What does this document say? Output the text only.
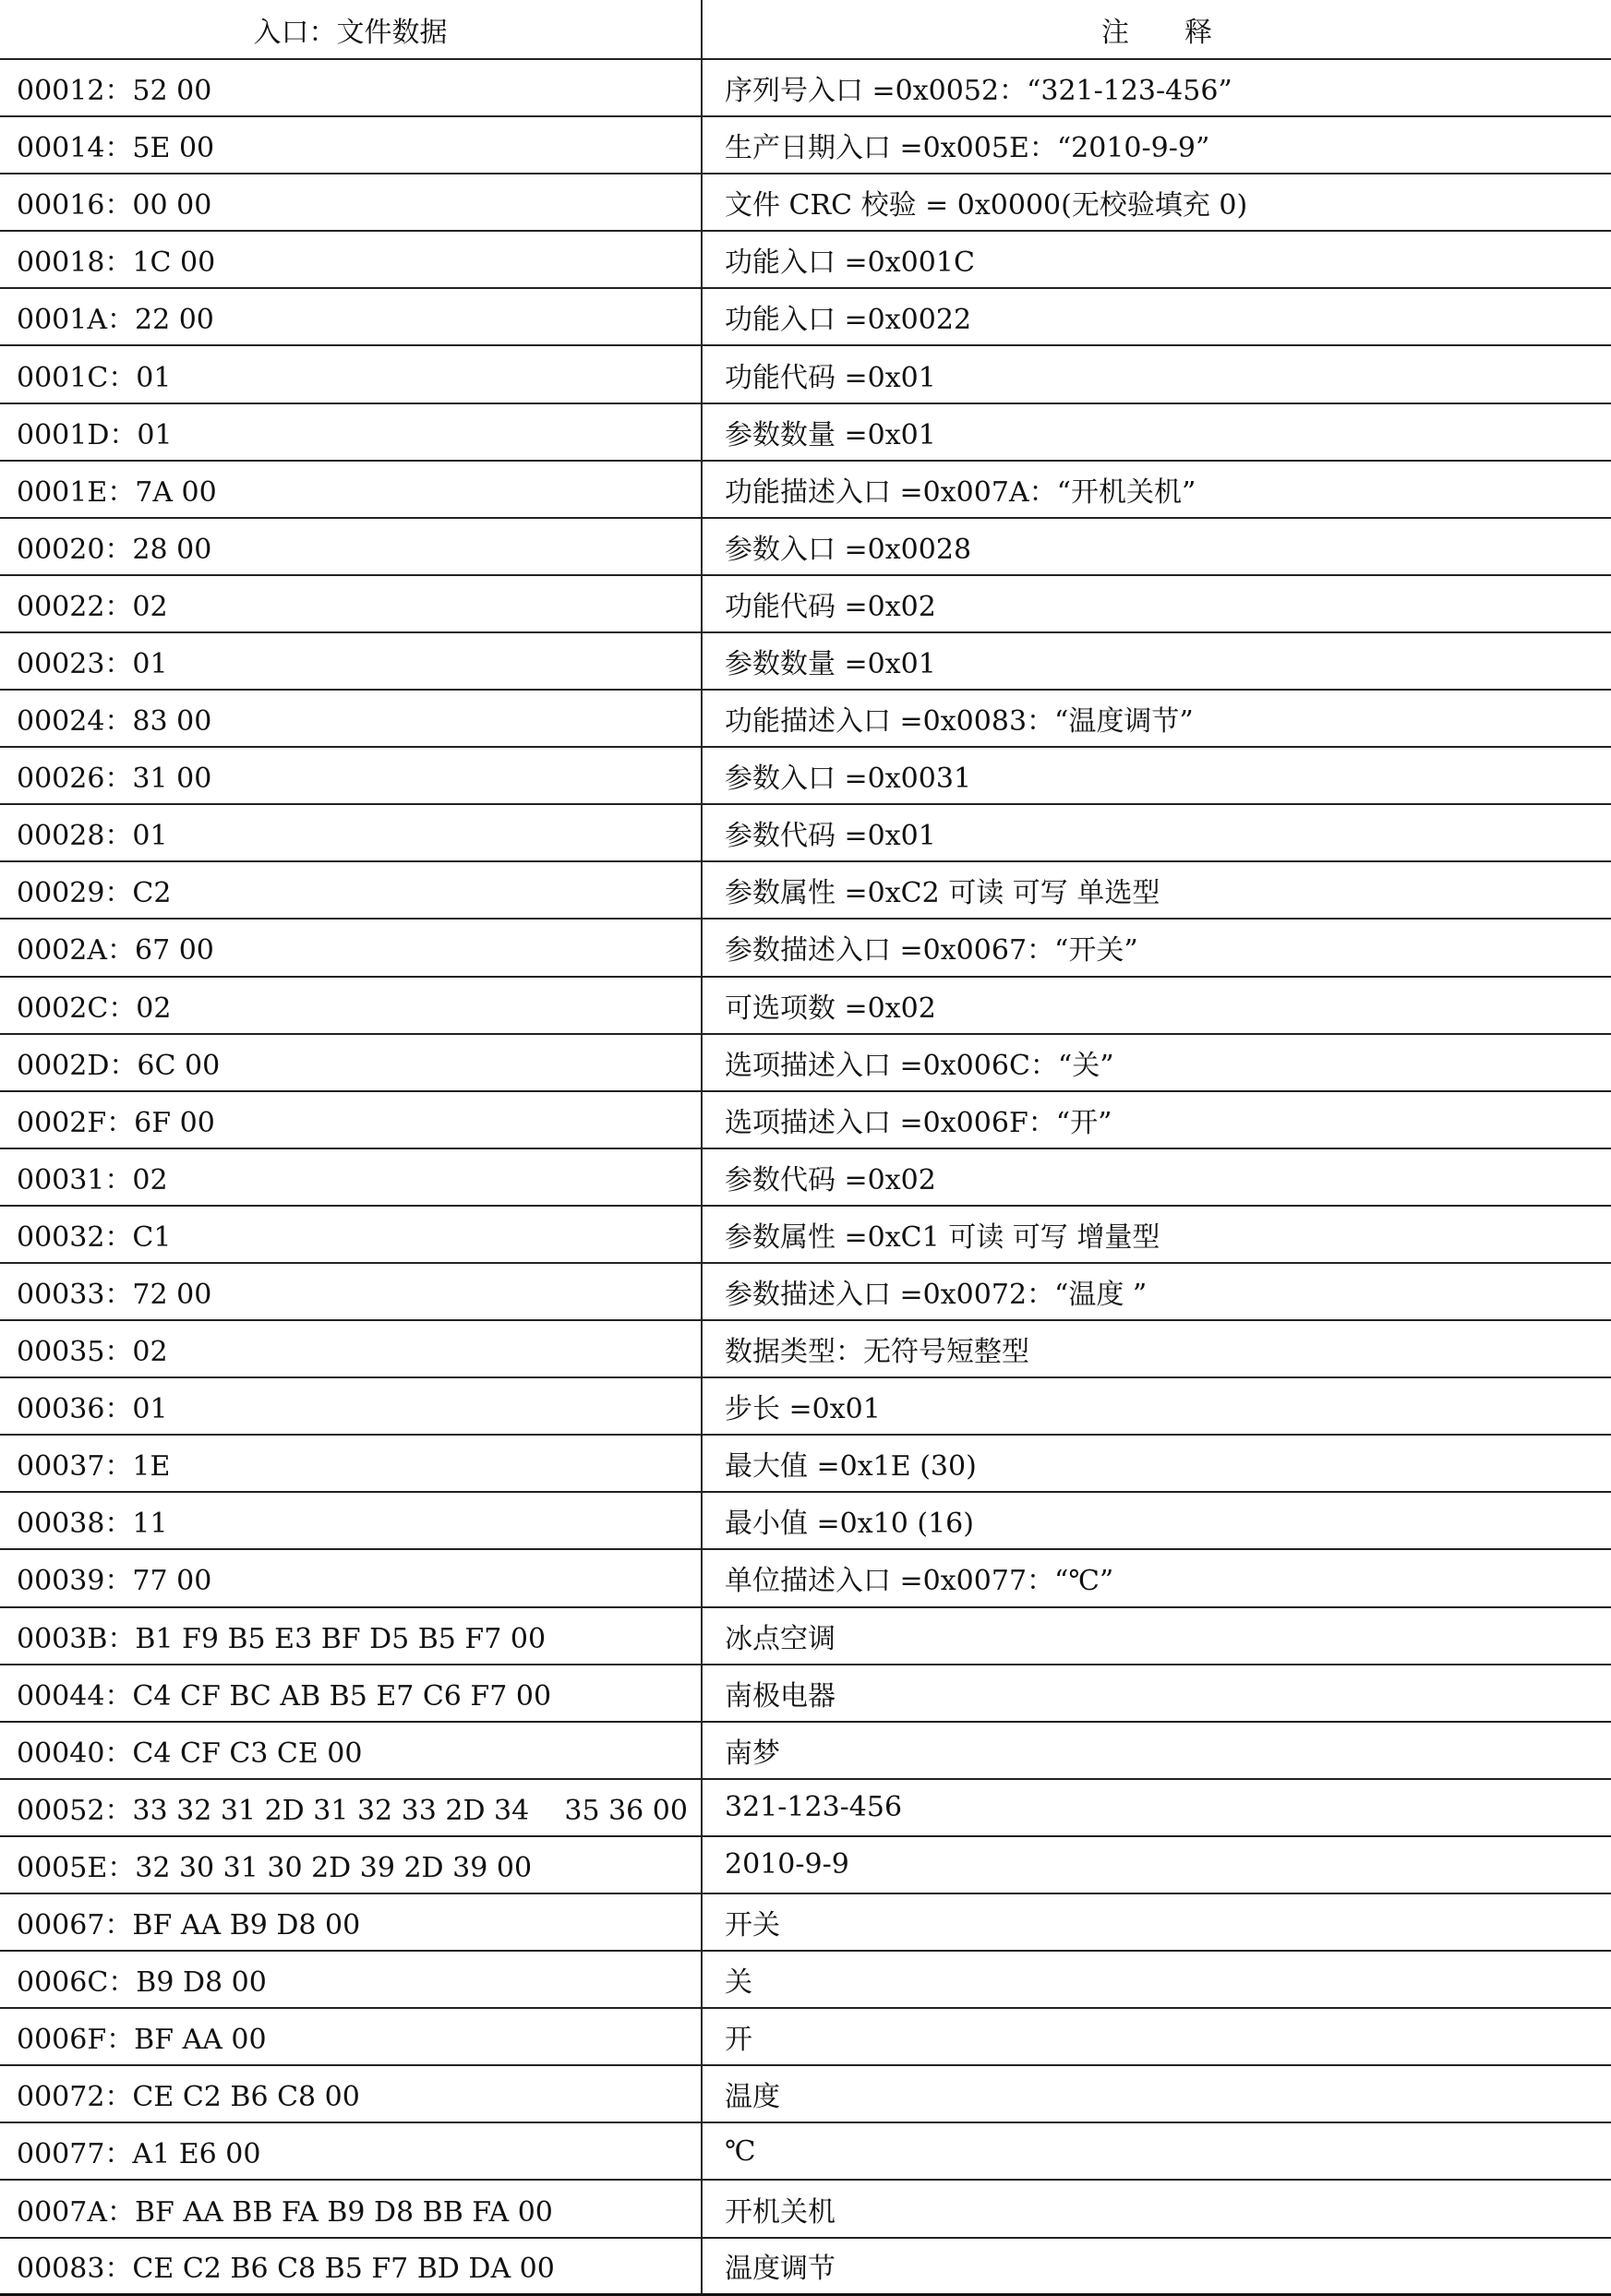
入口：文件数据	注　　释
00012：52 00	序列号入口 =0x0052：“321-123-456”
00014：5E 00	生产日期入口 =0x005E：“2010-9-9”
00016：00 00	文件 CRC 校验 = 0x0000(无校验填充 0)
00018：1C 00	功能入口 =0x001C
0001A：22 00	功能入口 =0x0022
0001C：01	功能代码 =0x01
0001D：01	参数数量 =0x01
0001E：7A 00	功能描述入口 =0x007A：“开机关机”
00020：28 00	参数入口 =0x0028
00022：02	功能代码 =0x02
00023：01	参数数量 =0x01
00024：83 00	功能描述入口 =0x0083：“温度调节”
00026：31 00	参数入口 =0x0031
00028：01	参数代码 =0x01
00029：C2	参数属性 =0xC2 可读 可写 单选型
0002A：67 00	参数描述入口 =0x0067：“开关”
0002C：02	可选项数 =0x02
0002D：6C 00	选项描述入口 =0x006C：“关”
0002F：6F 00	选项描述入口 =0x006F：“开”
00031：02	参数代码 =0x02
00032：C1	参数属性 =0xC1 可读 可写 增量型
00033：72 00	参数描述入口 =0x0072：“温度 ”
00035：02	数据类型：无符号短整型
00036：01	步长 =0x01
00037：1E	最大值 =0x1E (30)
00038：11	最小值 =0x10 (16)
00039：77 00	单位描述入口 =0x0077：“℃”
0003B：B1 F9 B5 E3 BF D5 B5 F7 00	冰点空调
00044：C4 CF BC AB B5 E7 C6 F7 00	南极电器
00040：C4 CF C3 CE 00	南梦
00052：33 32 31 2D 31 32 33 2D 34    35 36 00	321-123-456
0005E：32 30 31 30 2D 39 2D 39 00	2010-9-9
00067：BF AA B9 D8 00	开关
0006C：B9 D8 00	关
0006F：BF AA 00	开
00072：CE C2 B6 C8 00	温度
00077：A1 E6 00	℃
0007A：BF AA BB FA B9 D8 BB FA 00	开机关机
00083：CE C2 B6 C8 B5 F7 BD DA 00	温度调节
